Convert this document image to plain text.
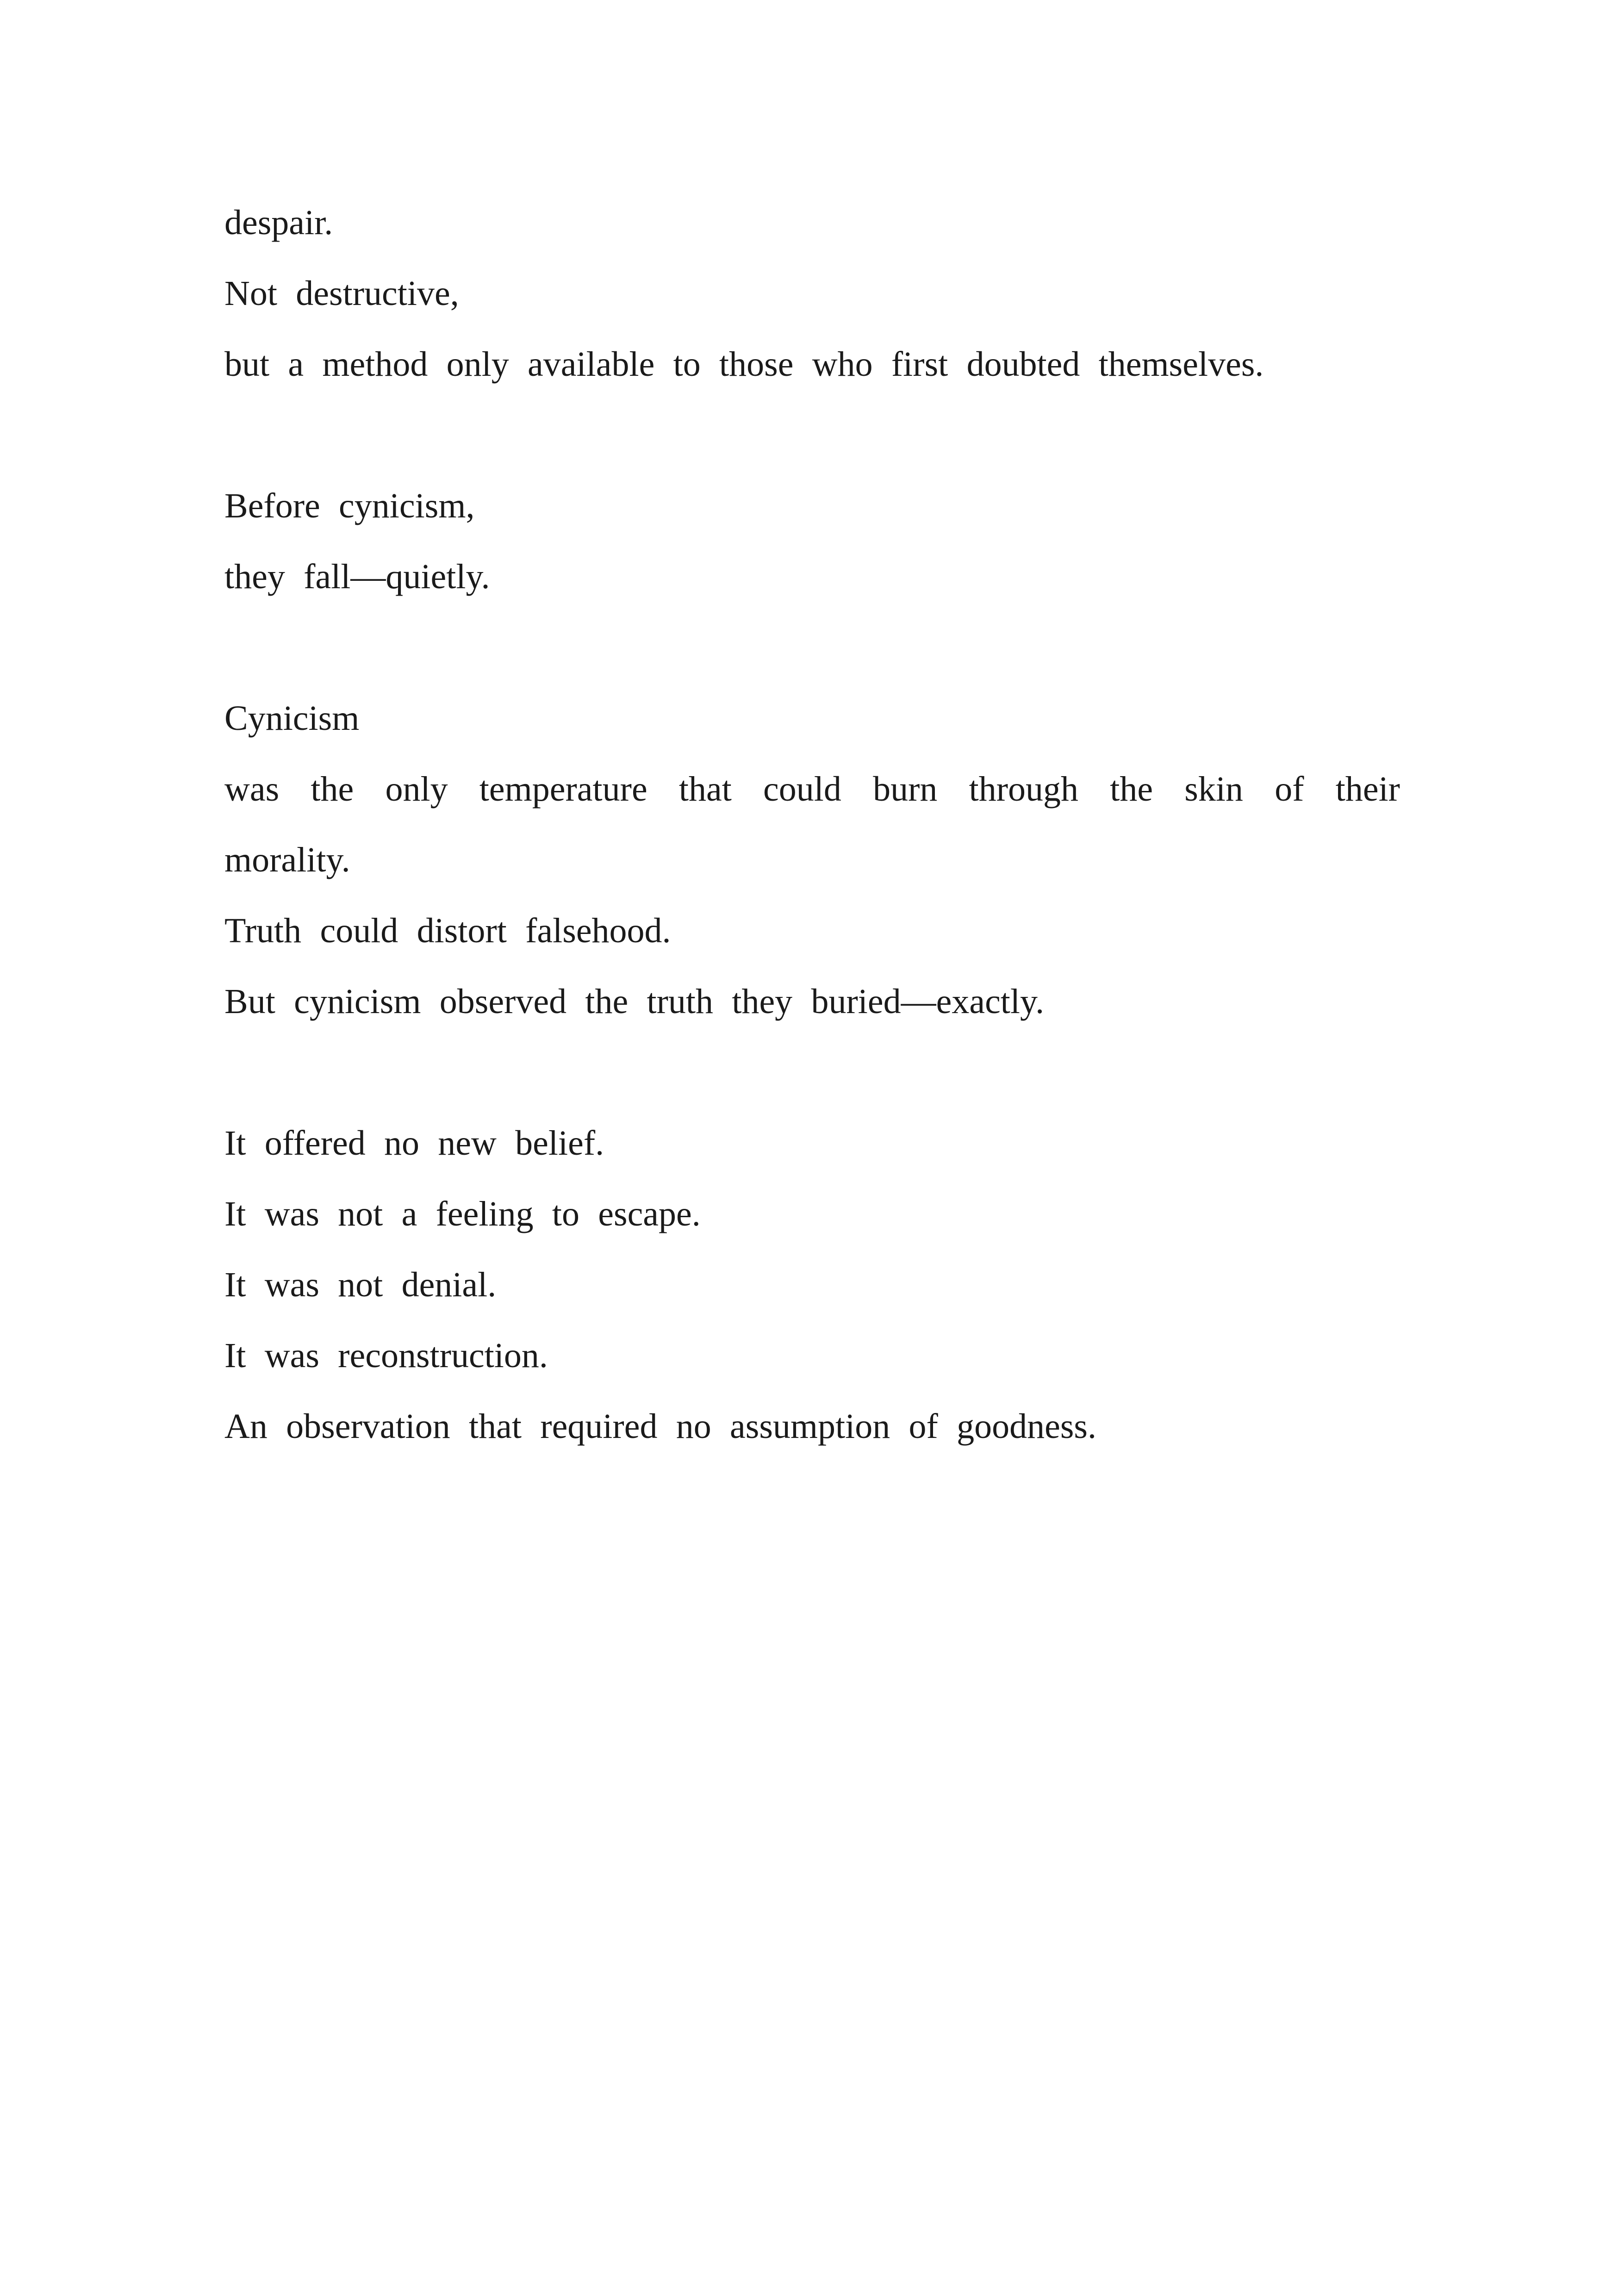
despair.
Not destructive,
but a method only available to those who first doubted themselves.
Before cynicism,
they fall—quietly.
Cynicism
was the only temperature that could burn through the skin of their
morality.
Truth could distort falsehood.
But cynicism observed the truth they buried—exactly.
It offered no new belief.
It was not a feeling to escape.
It was not denial.
It was reconstruction.
An observation that required no assumption of goodness.
